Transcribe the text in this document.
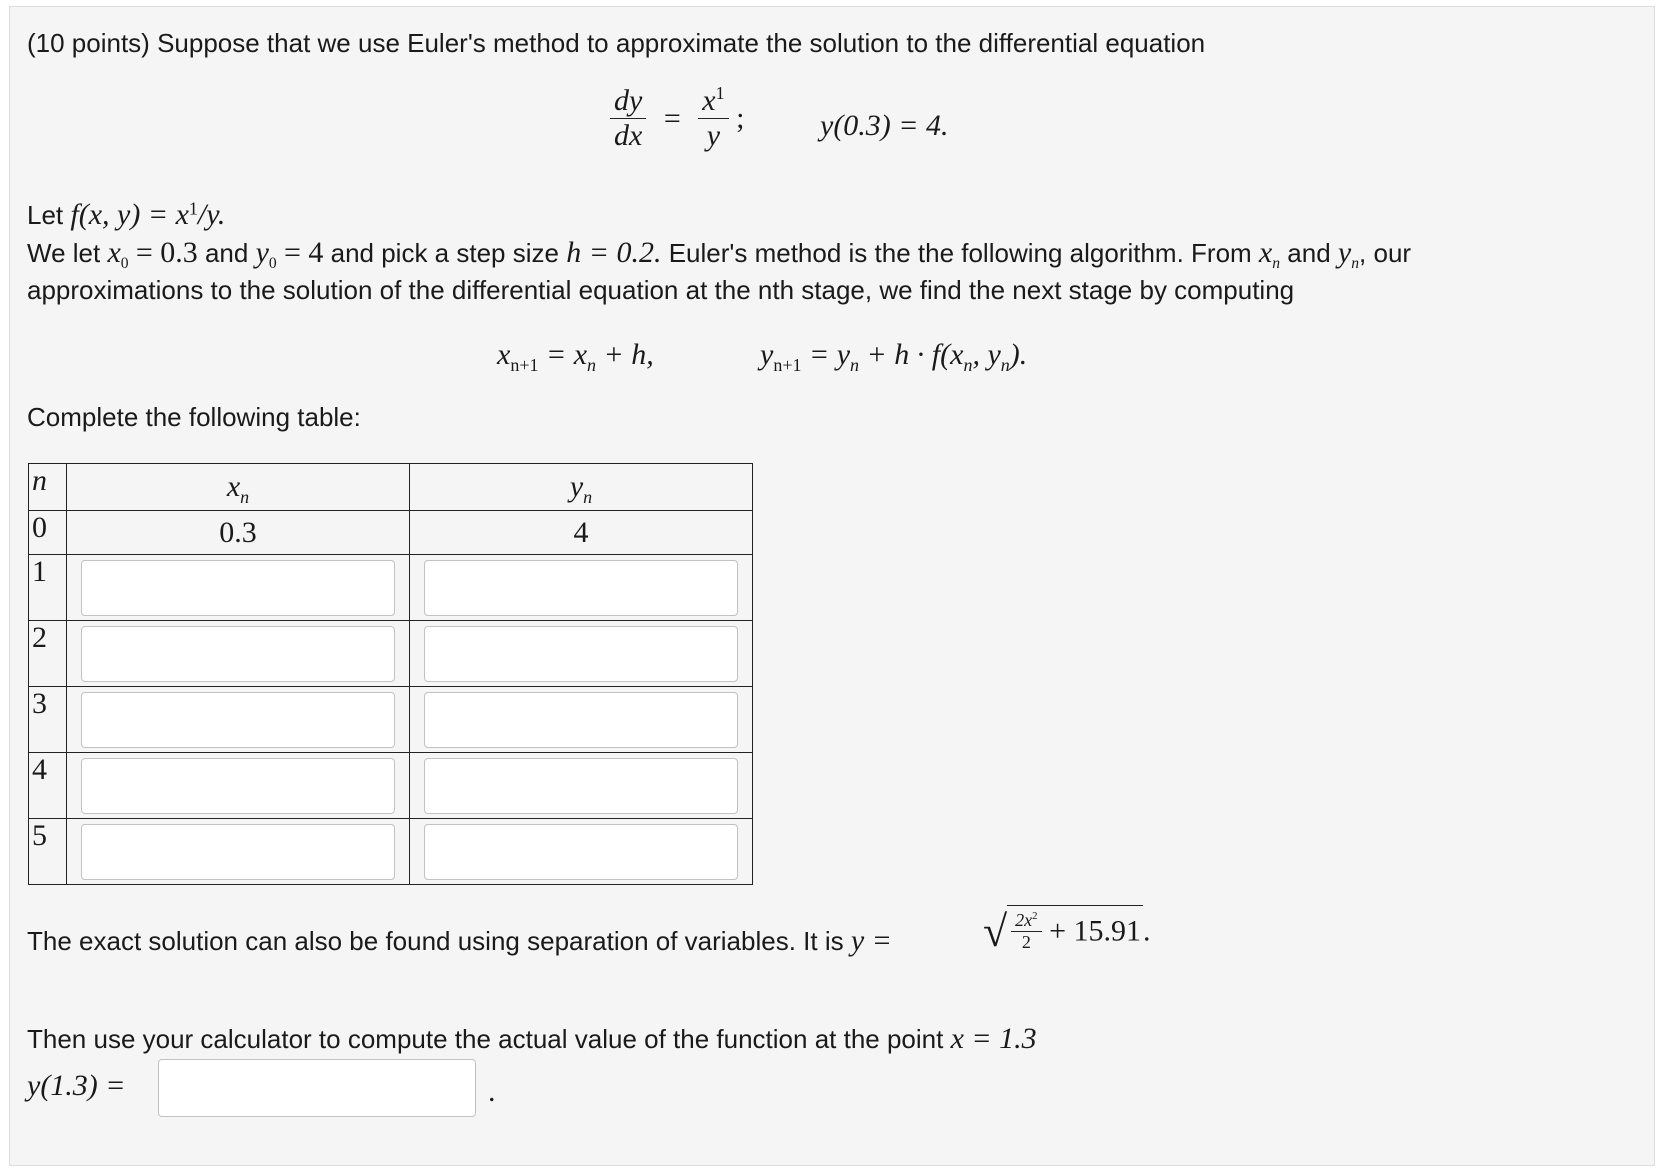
(10 points) Suppose that we use Euler's method to approximate the solution to the differential equation
$\frac{dy}{dx} = \frac{x^1}{y}$ ;	y(0.3) = 4.
Let f(x, $y) = x^1/y$.
We let $x_0 = 0.3$ and $y_0 = 4$ and pick a step size h = 0.2. Euler's method is the the following algorithm. From $x_n$ and $y_n$, our
approximations to the solution of the differential equation at the nth stage, we find the next stage by computing
$x_{n+1} = x_n + h$,	$y_{n+1} = y_n + h \cdot f(x_n$, $y_n$).
Complete the following table:
n	$x_n$	$y_n$
0	0.3	4
1	

2	

3	

4	

5	

The exact solution can also be found using separation of variables. It is y = √ $\frac{2x^2}{2} + 15.91$.
Then use your calculator to compute the actual value of the function at the point x = 1.3
y(1.3) =	.
